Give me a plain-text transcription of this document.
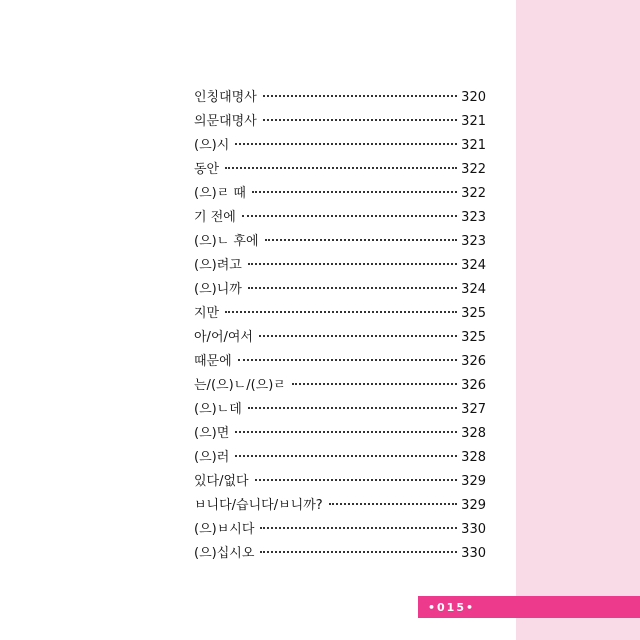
인칭대명사	320
의문대명사	321
(으)시	321
동안	322
(으)ㄹ 때	322
기 전에	323
(으)ㄴ 후에	323
(으)려고	324
(으)니까	324
지만	325
아/어/여서	325
때문에	326
는/(으)ㄴ/(으)ㄹ	326
(으)ㄴ데	327
(으)면	328
(으)러	328
있다/없다	329
ㅂ니다/습니다/ㅂ니까?	329
(으)ㅂ시다	330
(으)십시오	330
•015•
